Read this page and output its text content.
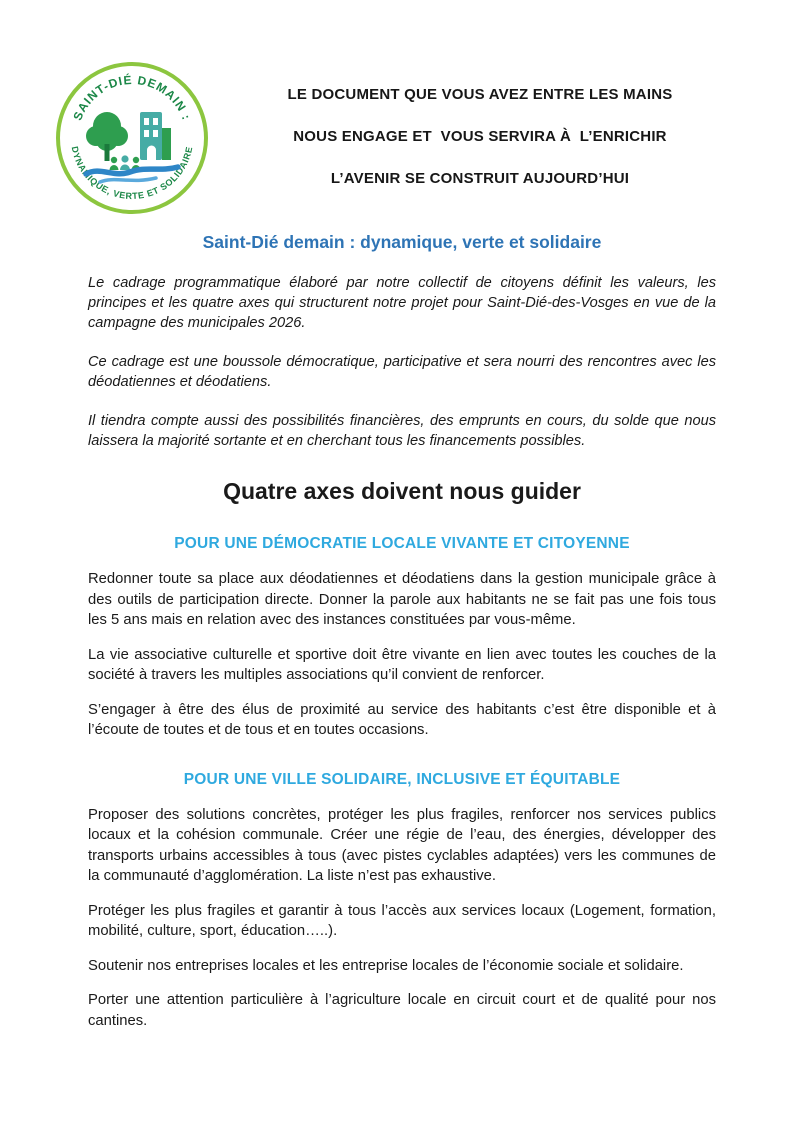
SAINT-DIÉ DEMAIN :
DYNAMIQUE, VERTE ET SOLIDAIRE
LE DOCUMENT QUE VOUS AVEZ ENTRE LES MAINS
NOUS ENGAGE ET  VOUS SERVIRA À  L’ENRICHIR
L’AVENIR SE CONSTRUIT AUJOURD’HUI
Saint-Dié demain : dynamique, verte et solidaire

Le cadrage programmatique élaboré par notre collectif de citoyens définit les valeurs, les principes et les quatre axes qui structurent notre projet pour Saint-Dié-des-Vosges en vue de la campagne des municipales 2026.

Ce cadrage est une boussole démocratique, participative et sera nourri des rencontres avec les déodatiennes et déodatiens.

Il tiendra compte aussi des possibilités financières, des emprunts en cours, du solde que nous laissera la majorité sortante et en cherchant tous les financements possibles.

Quatre axes doivent nous guider
POUR UNE DÉMOCRATIE LOCALE VIVANTE ET CITOYENNE

Redonner toute sa place aux déodatiennes et déodatiens dans la gestion municipale grâce à des outils de participation directe. Donner la parole aux habitants ne se fait pas une fois tous les 5 ans mais en relation avec des instances constituées par vous-même.

La vie associative culturelle et sportive doit être vivante en lien avec toutes les couches de la société à travers les multiples associations qu’il convient de renforcer.

S’engager à être des élus de proximité au service des habitants c’est être disponible et à l’écoute de toutes et de tous et en toutes occasions.

POUR UNE VILLE SOLIDAIRE, INCLUSIVE ET ÉQUITABLE

Proposer des solutions concrètes, protéger les plus fragiles, renforcer nos services publics locaux et la cohésion communale. Créer une régie de l’eau, des énergies, développer des transports urbains accessibles à tous (avec pistes cyclables adaptées) vers les communes de la communauté d’agglomération. La liste n’est pas exhaustive.

Protéger les plus fragiles et garantir à tous l’accès aux services locaux (Logement, formation, mobilité, culture, sport, éducation…..).

Soutenir nos entreprises locales et les entreprise locales de l’économie sociale et solidaire.

Porter une attention particulière à l’agriculture locale en circuit court et de qualité pour nos cantines.
